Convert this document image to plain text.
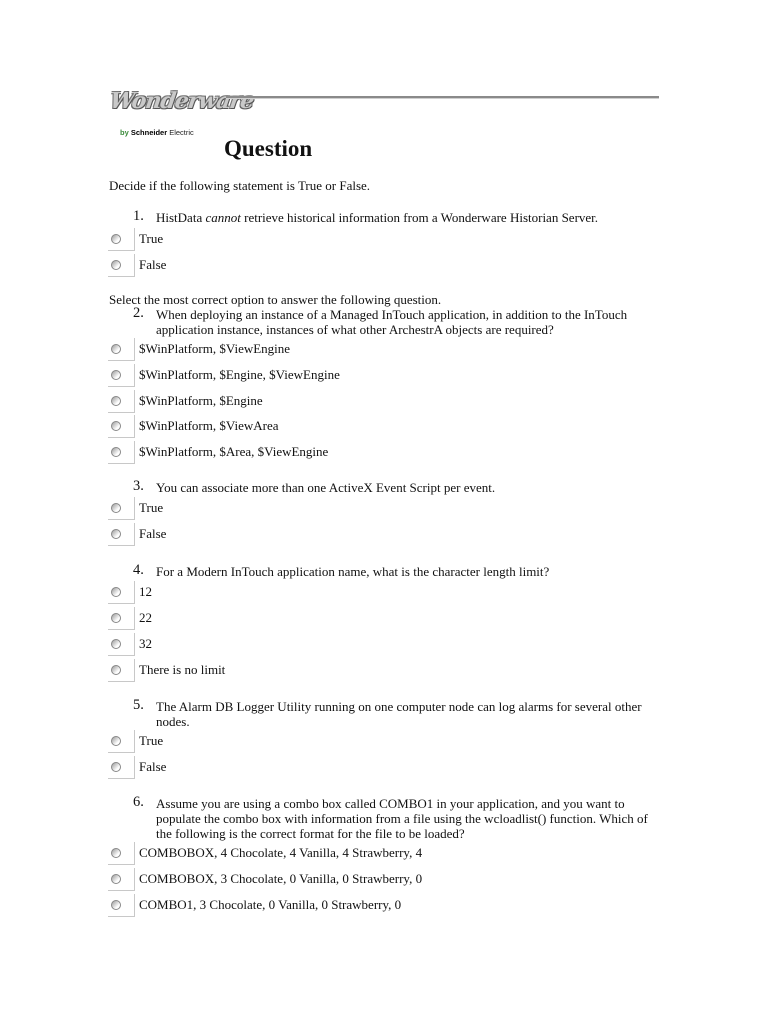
Wonderware
by Schneider Electric
Question
Decide if the following statement is True or False.
1. HistData cannot retrieve historical information from a Wonderware Historian Server.
True
False
Select the most correct option to answer the following question.
2. When deploying an instance of a Managed InTouch application, in addition to the InTouch
application instance, instances of what other ArchestrA objects are required?
$WinPlatform, $ViewEngine
$WinPlatform, $Engine, $ViewEngine
$WinPlatform, $Engine
$WinPlatform, $ViewArea
$WinPlatform, $Area, $ViewEngine
3. You can associate more than one ActiveX Event Script per event.
True
False
4. For a Modern InTouch application name, what is the character length limit?
12
22
32
There is no limit
5. The Alarm DB Logger Utility running on one computer node can log alarms for several other
nodes.
True
False
6. Assume you are using a combo box called COMBO1 in your application, and you want to
populate the combo box with information from a file using the wcloadlist() function. Which of
the following is the correct format for the file to be loaded?
COMBOBOX, 4 Chocolate, 4 Vanilla, 4 Strawberry, 4
COMBOBOX, 3 Chocolate, 0 Vanilla, 0 Strawberry, 0
COMBO1, 3 Chocolate, 0 Vanilla, 0 Strawberry, 0
